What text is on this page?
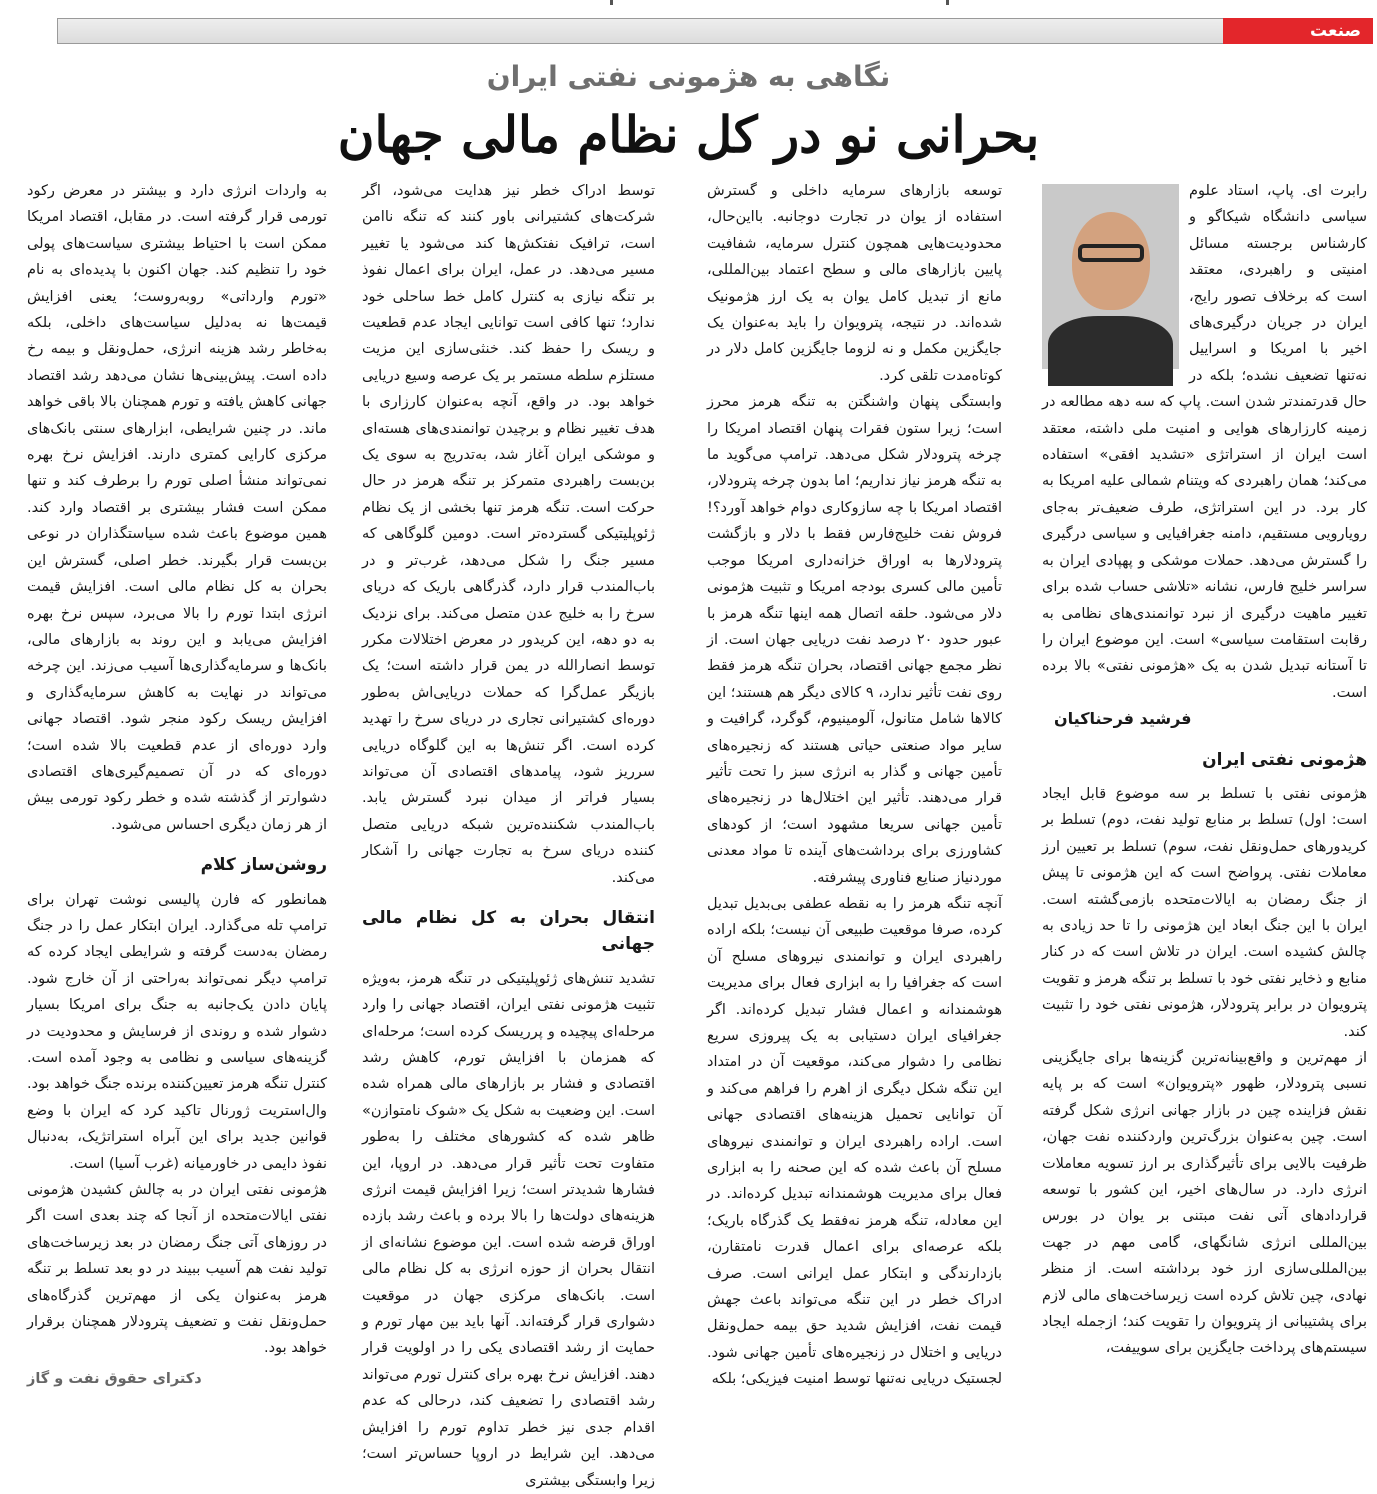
صنعت
نگاهی به هژمونی نفتی ایران
بحرانی نو در کل نظام مالی جهان

رابرت ای. پاپ، استاد علوم سیاسی دانشگاه شیکاگو و کارشناس برجسته مسائل امنیتی و راهبردی، معتقد است که برخلاف تصور رایج، ایران در جریان درگیری‌های اخیر با امریکا و اسراییل نه‌تنها تضعیف نشده؛ بلکه در حال قدرتمندتر شدن است. پاپ که سه دهه مطالعه در زمینه کارزارهای هوایی و امنیت ملی داشته، معتقد است ایران از استراتژی «تشدید افقی» استفاده می‌کند؛ همان راهبردی که ویتنام شمالی علیه امریکا به کار برد. در این استراتژی، طرف ضعیف‌تر به‌جای رویارویی مستقیم، دامنه جغرافیایی و سیاسی درگیری را گسترش می‌دهد. حملات موشکی و پهپادی ایران به سراسر خلیج فارس، نشانه «تلاشی حساب شده برای تغییر ماهیت درگیری از نبرد توانمندی‌های نظامی به رقابت استقامت سیاسی» است. این موضوع ایران را تا آستانه تبدیل شدن به یک «هژمونی نفتی» بالا برده است.

فرشید فرحناکیان
هژمونی نفتی ایران

هژمونی نفتی با تسلط بر سه موضوع قابل ایجاد است: اول) تسلط بر منابع تولید نفت، دوم) تسلط بر کریدورهای حمل‌ونقل نفت، سوم) تسلط بر تعیین ارز معاملات نفتی. پرواضح است که این هژمونی تا پیش از جنگ رمضان به ایالات‌متحده بازمی‌گشته است. ایران با این جنگ ابعاد این هژمونی را تا حد زیادی به چالش کشیده است. ایران در تلاش است که در کنار منابع و ذخایر نفتی خود با تسلط بر تنگه هرمز و تقویت پترویوان در برابر پترودلار، هژمونی نفتی خود را تثبیت کند.

از مهم‌ترین و واقع‌بینانه‌ترین گزینه‌ها برای جایگزینی نسبی پترودلار، ظهور «پترویوان» است که بر پایه نقش فزاینده چین در بازار جهانی انرژی شکل گرفته است. چین به‌عنوان بزرگ‌ترین واردکننده نفت جهان، ظرفیت بالایی برای تأثیرگذاری بر ارز تسویه معاملات انرژی دارد. در سال‌های اخیر، این کشور با توسعه قراردادهای آتی نفت مبتنی بر یوان در بورس بین‌المللی انرژی شانگهای، گامی مهم در جهت بین‌المللی‌سازی ارز خود برداشته است. از منظر نهادی، چین تلاش کرده است زیرساخت‌های مالی لازم برای پشتیبانی از پترویوان را تقویت کند؛ ازجمله ایجاد سیستم‌های پرداخت جایگزین برای سوییفت،

توسعه بازارهای سرمایه داخلی و گسترش استفاده از یوان در تجارت دوجانبه. بااین‌حال، محدودیت‌هایی همچون کنترل سرمایه، شفافیت پایین بازارهای مالی و سطح اعتماد بین‌المللی، مانع از تبدیل کامل یوان به یک ارز هژمونیک شده‌اند. در نتیجه، پترویوان را باید به‌عنوان یک جایگزین مکمل و نه لزوما جایگزین کامل دلار در کوتاه‌مدت تلقی کرد.

وابستگی پنهان واشنگتن به تنگه هرمز محرز است؛ زیرا ستون فقرات پنهان اقتصاد امریکا را چرخه پترودلار شکل می‌دهد. ترامپ می‌گوید ما به تنگه هرمز نیاز نداریم؛ اما بدون چرخه پترودلار، اقتصاد امریکا با چه سازوکاری دوام خواهد آورد؟! فروش نفت خلیج‌فارس فقط با دلار و بازگشت پترودلارها به اوراق خزانه‌داری امریکا موجب تأمین مالی کسری بودجه امریکا و تثبیت هژمونی دلار می‌شود. حلقه اتصال همه اینها تنگه هرمز با عبور حدود ۲۰ درصد نفت دریایی جهان است. از نظر مجمع جهانی اقتصاد، بحران تنگه هرمز فقط روی نفت تأثیر ندارد، ۹ کالای دیگر هم هستند؛ این کالاها شامل متانول، آلومینیوم، گوگرد، گرافیت و سایر مواد صنعتی حیاتی هستند که زنجیره‌های تأمین جهانی و گذار به انرژی سبز را تحت تأثیر قرار می‌دهند. تأثیر این اختلال‌ها در زنجیره‌های تأمین جهانی سریعا مشهود است؛ از کودهای کشاورزی برای برداشت‌های آینده تا مواد معدنی موردنیاز صنایع فناوری پیشرفته.

آنچه تنگه هرمز را به نقطه عطفی بی‌بدیل تبدیل کرده، صرفا موقعیت طبیعی آن نیست؛ بلکه اراده راهبردی ایران و توانمندی نیروهای مسلح آن است که جغرافیا را به ابزاری فعال برای مدیریت هوشمندانه و اعمال فشار تبدیل کرده‌اند. اگر جغرافیای ایران دستیابی به یک پیروزی سریع نظامی را دشوار می‌کند، موقعیت آن در امتداد این تنگه شکل دیگری از اهرم را فراهم می‌کند و آن توانایی تحمیل هزینه‌های اقتصادی جهانی است. اراده راهبردی ایران و توانمندی نیروهای مسلح آن باعث شده که این صحنه را به ابزاری فعال برای مدیریت هوشمندانه تبدیل کرده‌اند. در این معادله، تنگه هرمز نه‌فقط یک گذرگاه باریک؛ بلکه عرصه‌ای برای اعمال قدرت نامتقارن، بازدارندگی و ابتکار عمل ایرانی است. صرف ادراک خطر در این تنگه می‌تواند باعث جهش قیمت نفت، افزایش شدید حق بیمه حمل‌ونقل دریایی و اختلال در زنجیره‌های تأمین جهانی شود. لجستیک دریایی نه‌تنها توسط امنیت فیزیکی؛ بلکه

توسط ادراک خطر نیز هدایت می‌شود، اگر شرکت‌های کشتیرانی باور کنند که تنگه ناامن است، ترافیک نفتکش‌ها کند می‌شود یا تغییر مسیر می‌دهد. در عمل، ایران برای اعمال نفوذ بر تنگه نیازی به کنترل کامل خط ساحلی خود ندارد؛ تنها کافی است توانایی ایجاد عدم قطعیت و ریسک را حفظ کند. خنثی‌سازی این مزیت مستلزم سلطه مستمر بر یک عرصه وسیع دریایی خواهد بود. در واقع، آنچه به‌عنوان کارزاری با هدف تغییر نظام و برچیدن توانمندی‌های هسته‌ای و موشکی ایران آغاز شد، به‌تدریج به سوی یک بن‌بست راهبردی متمرکز بر تنگه هرمز در حال حرکت است. تنگه هرمز تنها بخشی از یک نظام ژئوپلیتیکی گسترده‌تر است. دومین گلوگاهی که مسیر جنگ را شکل می‌دهد، غرب‌تر و در باب‌المندب قرار دارد، گذرگاهی باریک که دریای سرخ را به خلیج عدن متصل می‌کند. برای نزدیک به دو دهه، این کریدور در معرض اختلالات مکرر توسط انصارالله در یمن قرار داشته است؛ یک بازیگر عمل‌گرا که حملات دریایی‌اش به‌طور دوره‌ای کشتیرانی تجاری در دریای سرخ را تهدید کرده است. اگر تنش‌ها به این گلوگاه دریایی سرریز شود، پیامدهای اقتصادی آن می‌تواند بسیار فراتر از میدان نبرد گسترش یابد. باب‌المندب شکننده‌ترین شبکه دریایی متصل کننده دریای سرخ به تجارت جهانی را آشکار می‌کند.

انتقال بحران به کل نظام مالی جهانی

تشدید تنش‌های ژئوپلیتیکی در تنگه هرمز، به‌ویژه تثبیت هژمونی نفتی ایران، اقتصاد جهانی را وارد مرحله‌ای پیچیده و پرریسک کرده است؛ مرحله‌ای که همزمان با افزایش تورم، کاهش رشد اقتصادی و فشار بر بازارهای مالی همراه شده است. این وضعیت به شکل یک «شوک نامتوازن» ظاهر شده که کشورهای مختلف را به‌طور متفاوت تحت تأثیر قرار می‌دهد. در اروپا، این فشارها شدیدتر است؛ زیرا افزایش قیمت انرژی هزینه‌های دولت‌ها را بالا برده و باعث رشد بازده اوراق قرضه شده است. این موضوع نشانه‌ای از انتقال بحران از حوزه انرژی به کل نظام مالی است. بانک‌های مرکزی جهان در موقعیت دشواری قرار گرفته‌اند. آنها باید بین مهار تورم و حمایت از رشد اقتصادی یکی را در اولویت قرار دهند. افزایش نرخ بهره برای کنترل تورم می‌تواند رشد اقتصادی را تضعیف کند، درحالی که عدم اقدام جدی نیز خطر تداوم تورم را افزایش می‌دهد. این شرایط در اروپا حساس‌تر است؛ زیرا وابستگی بیشتری

به واردات انرژی دارد و بیشتر در معرض رکود تورمی قرار گرفته است. در مقابل، اقتصاد امریکا ممکن است با احتیاط بیشتری سیاست‌های پولی خود را تنظیم کند. جهان اکنون با پدیده‌ای به نام «تورم وارداتی» روبه‌روست؛ یعنی افزایش قیمت‌ها نه به‌دلیل سیاست‌های داخلی، بلکه به‌خاطر رشد هزینه انرژی، حمل‌ونقل و بیمه رخ داده است. پیش‌بینی‌ها نشان می‌دهد رشد اقتصاد جهانی کاهش یافته و تورم همچنان بالا باقی خواهد ماند. در چنین شرایطی، ابزارهای سنتی بانک‌های مرکزی کارایی کمتری دارند. افزایش نرخ بهره نمی‌تواند منشأ اصلی تورم را برطرف کند و تنها ممکن است فشار بیشتری بر اقتصاد وارد کند. همین موضوع باعث شده سیاستگذاران در نوعی بن‌بست قرار بگیرند. خطر اصلی، گسترش این بحران به کل نظام مالی است. افزایش قیمت انرژی ابتدا تورم را بالا می‌برد، سپس نرخ بهره افزایش می‌یابد و این روند به بازارهای مالی، بانک‌ها و سرمایه‌گذاری‌ها آسیب می‌زند. این چرخه می‌تواند در نهایت به کاهش سرمایه‌گذاری و افزایش ریسک رکود منجر شود. اقتصاد جهانی وارد دوره‌ای از عدم قطعیت بالا شده است؛ دوره‌ای که در آن تصمیم‌گیری‌های اقتصادی دشوارتر از گذشته شده و خطر رکود تورمی بیش از هر زمان دیگری احساس می‌شود.

روشن‌ساز کلام

همانطور که فارن پالیسی نوشت تهران برای ترامپ تله می‌گذارد. ایران ابتکار عمل را در جنگ رمضان به‌دست گرفته و شرایطی ایجاد کرده که ترامپ دیگر نمی‌تواند به‌راحتی از آن خارج شود. پایان دادن یک‌جانبه به جنگ برای امریکا بسیار دشوار شده و روندی از فرسایش و محدودیت در گزینه‌های سیاسی و نظامی به وجود آمده است. کنترل تنگه هرمز تعیین‌کننده برنده جنگ خواهد بود. وال‌استریت ژورنال تاکید کرد که ایران با وضع قوانین جدید برای این آبراه استراتژیک، به‌دنبال نفوذ دایمی در خاورمیانه (غرب آسیا) است.

هژمونی نفتی ایران در به چالش کشیدن هژمونی نفتی ایالات‌متحده از آنجا که چند بعدی است اگر در روزهای آتی جنگ رمضان در بعد زیرساخت‌های تولید نفت هم آسیب ببیند در دو بعد تسلط بر تنگه هرمز به‌عنوان یکی از مهم‌ترین گذرگاه‌های حمل‌ونقل نفت و تضعیف پترودلار همچنان برقرار خواهد بود.

دکترای حقوق نفت و گاز
